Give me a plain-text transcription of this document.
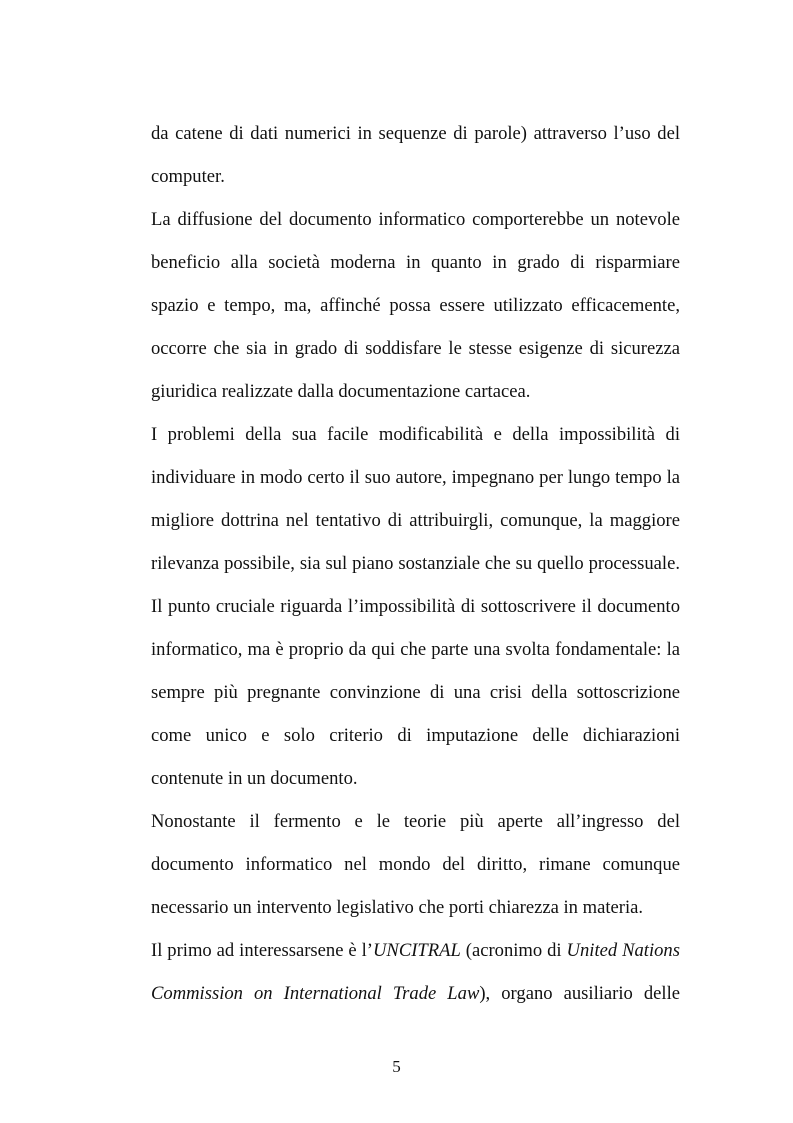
da catene di dati numerici in sequenze di parole) attraverso l’uso del
computer.
La diffusione del documento informatico comporterebbe un notevole
beneficio alla società moderna in quanto in grado di risparmiare
spazio e tempo, ma, affinché possa essere utilizzato efficacemente,
occorre che sia in grado di soddisfare le stesse esigenze di sicurezza
giuridica realizzate dalla documentazione cartacea.
I problemi della sua facile modificabilità e della impossibilità di
individuare in modo certo il suo autore, impegnano per lungo tempo la
migliore dottrina nel tentativo di attribuirgli, comunque, la maggiore
rilevanza possibile, sia sul piano sostanziale che su quello processuale.
Il punto cruciale riguarda l’impossibilità di sottoscrivere il documento
informatico, ma è proprio da qui che parte una svolta fondamentale: la
sempre più pregnante convinzione di una crisi della sottoscrizione
come unico e solo criterio di imputazione delle dichiarazioni
contenute in un documento.
Nonostante il fermento e le teorie più aperte all’ingresso del
documento informatico nel mondo del diritto, rimane comunque
necessario un intervento legislativo che porti chiarezza in materia.
Il primo ad interessarsene è l’UNCITRAL (acronimo di United Nations
Commission on International Trade Law), organo ausiliario delle
5
